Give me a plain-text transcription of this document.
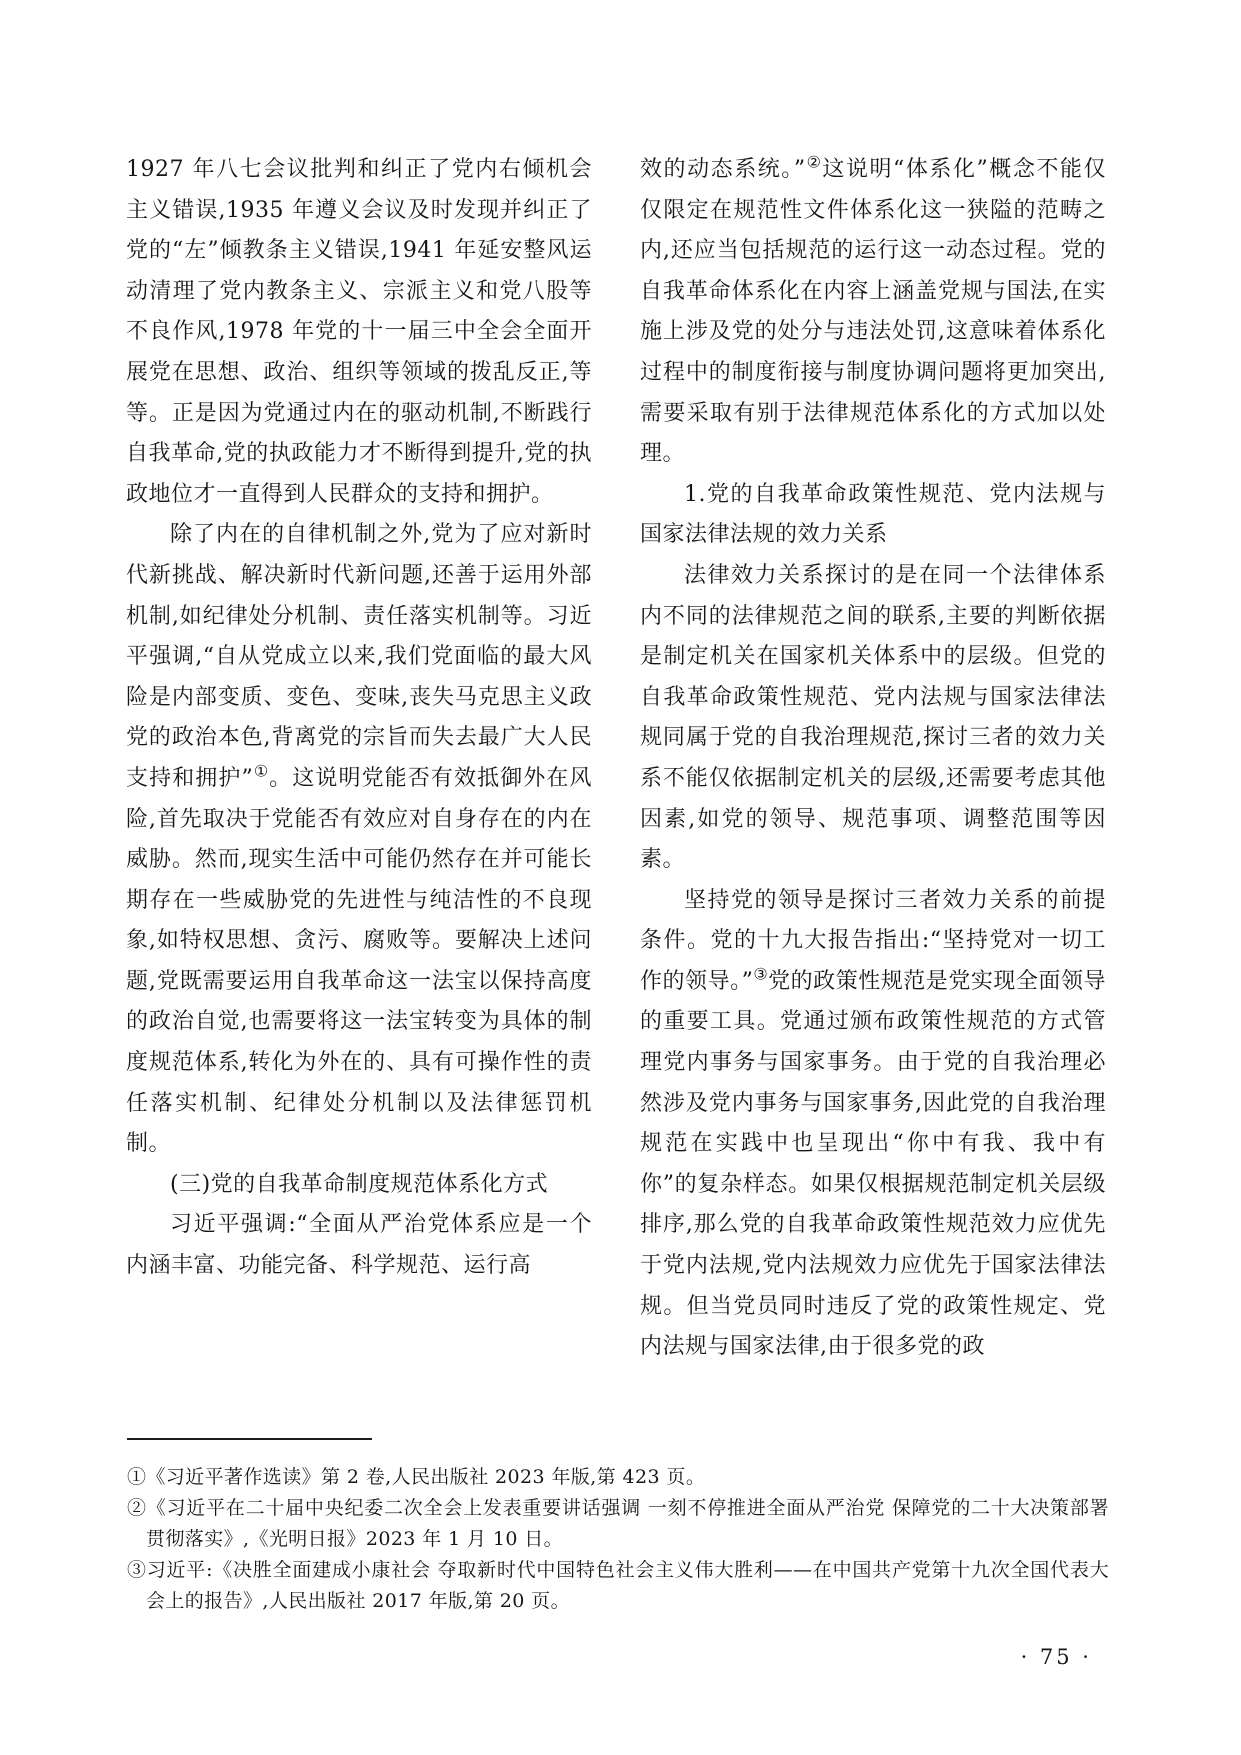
1927 年八七会议批判和纠正了党内右倾机会主义错误,1935 年遵义会议及时发现并纠正了党的“左”倾教条主义错误,1941 年延安整风运动清理了党内教条主义、宗派主义和党八股等不良作风,1978 年党的十一届三中全会全面开展党在思想、政治、组织等领域的拨乱反正,等等。正是因为党通过内在的驱动机制,不断践行自我革命,党的执政能力才不断得到提升,党的执政地位才一直得到人民群众的支持和拥护。

除了内在的自律机制之外,党为了应对新时代新挑战、解决新时代新问题,还善于运用外部机制,如纪律处分机制、责任落实机制等。习近平强调,“自从党成立以来,我们党面临的最大风险是内部变质、变色、变味,丧失马克思主义政党的政治本色,背离党的宗旨而失去最广大人民支持和拥护”①。这说明党能否有效抵御外在风险,首先取决于党能否有效应对自身存在的内在威胁。然而,现实生活中可能仍然存在并可能长期存在一些威胁党的先进性与纯洁性的不良现象,如特权思想、贪污、腐败等。要解决上述问题,党既需要运用自我革命这一法宝以保持高度的政治自觉,也需要将这一法宝转变为具体的制度规范体系,转化为外在的、具有可操作性的责任落实机制、纪律处分机制以及法律惩罚机制。

(三)党的自我革命制度规范体系化方式

习近平强调:“全面从严治党体系应是一个内涵丰富、功能完备、科学规范、运行高

效的动态系统。”②这说明“体系化”概念不能仅仅限定在规范性文件体系化这一狭隘的范畴之内,还应当包括规范的运行这一动态过程。党的自我革命体系化在内容上涵盖党规与国法,在实施上涉及党的处分与违法处罚,这意味着体系化过程中的制度衔接与制度协调问题将更加突出,需要采取有别于法律规范体系化的方式加以处理。

1.党的自我革命政策性规范、党内法规与国家法律法规的效力关系

法律效力关系探讨的是在同一个法律体系内不同的法律规范之间的联系,主要的判断依据是制定机关在国家机关体系中的层级。但党的自我革命政策性规范、党内法规与国家法律法规同属于党的自我治理规范,探讨三者的效力关系不能仅依据制定机关的层级,还需要考虑其他因素,如党的领导、规范事项、调整范围等因素。

坚持党的领导是探讨三者效力关系的前提条件。党的十九大报告指出:“坚持党对一切工作的领导。”③党的政策性规范是党实现全面领导的重要工具。党通过颁布政策性规范的方式管理党内事务与国家事务。由于党的自我治理必然涉及党内事务与国家事务,因此党的自我治理规范在实践中也呈现出“你中有我、我中有你”的复杂样态。如果仅根据规范制定机关层级排序,那么党的自我革命政策性规范效力应优先于党内法规,党内法规效力应优先于国家法律法规。但当党员同时违反了党的政策性规定、党内法规与国家法律,由于很多党的政

①《习近平著作选读》第 2 卷,人民出版社 2023 年版,第 423 页。

②《习近平在二十届中央纪委二次全会上发表重要讲话强调 一刻不停推进全面从严治党 保障党的二十大决策部署贯彻落实》,《光明日报》2023 年 1 月 10 日。

③习近平:《决胜全面建成小康社会 夺取新时代中国特色社会主义伟大胜利——在中国共产党第十九次全国代表大会上的报告》,人民出版社 2017 年版,第 20 页。

· 75 ·
